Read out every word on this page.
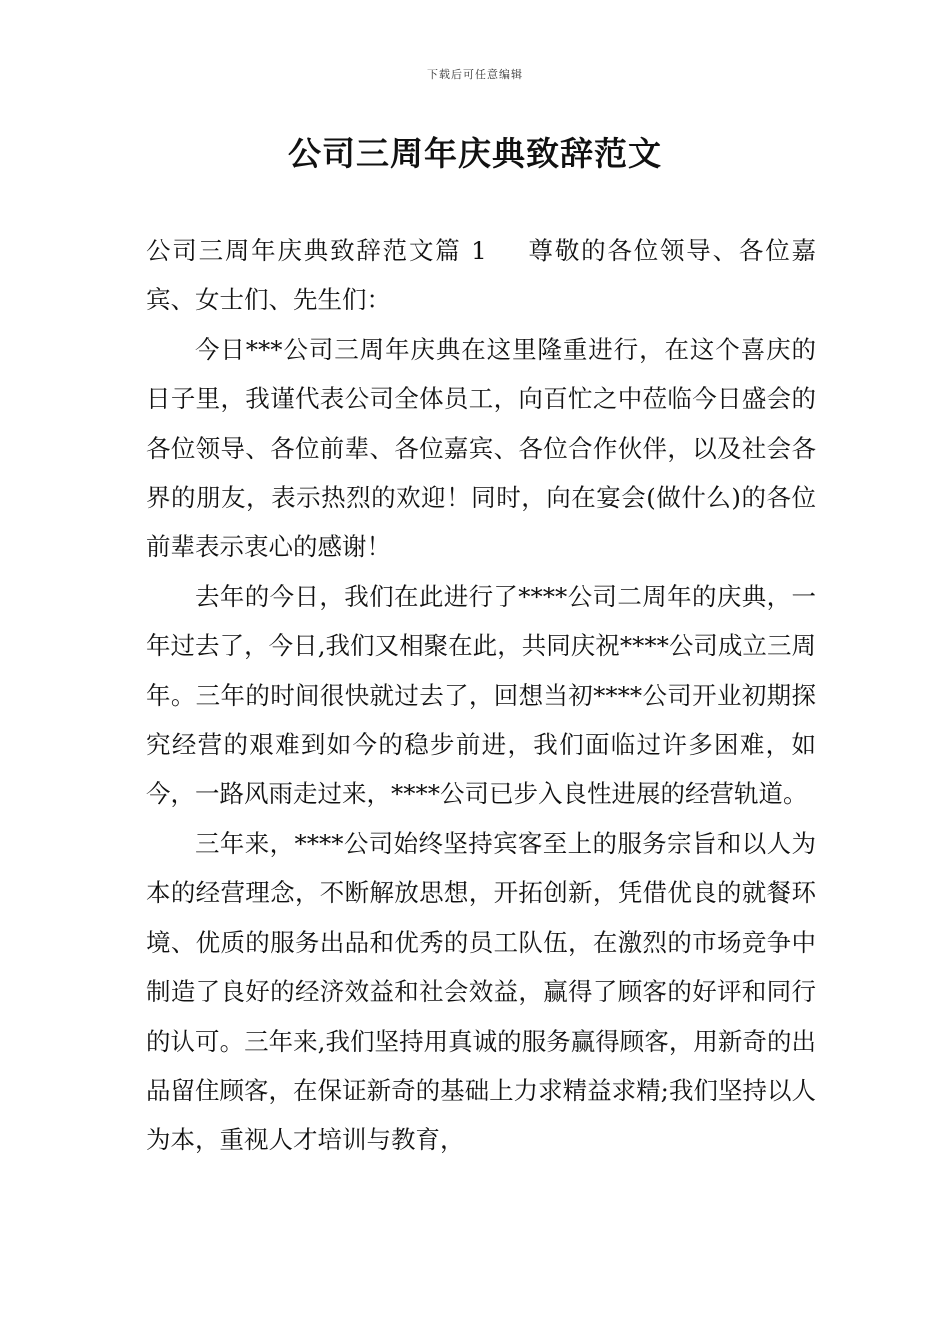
下载后可任意编辑
公司三周年庆典致辞范文

公司三周年庆典致辞范文篇 1 尊敬的各位领导、各位嘉宾、女士们、先生们：

今日***公司三周年庆典在这里隆重进行，在这个喜庆的日子里，我谨代表公司全体员工，向百忙之中莅临今日盛会的各位领导、各位前辈、各位嘉宾、各位合作伙伴，以及社会各界的朋友，表示热烈的欢迎！同时，向在宴会(做什么)的各位前辈表示衷心的感谢！

去年的今日，我们在此进行了****公司二周年的庆典，一年过去了，今日,我们又相聚在此，共同庆祝****公司成立三周年。三年的时间很快就过去了，回想当初****公司开业初期探究经营的艰难到如今的稳步前进，我们面临过许多困难，如今，一路风雨走过来，****公司已步入良性进展的经营轨道。

三年来，****公司始终坚持宾客至上的服务宗旨和以人为本的经营理念，不断解放思想，开拓创新，凭借优良的就餐环境、优质的服务出品和优秀的员工队伍，在激烈的市场竞争中制造了良好的经济效益和社会效益，赢得了顾客的好评和同行的认可。三年来,我们坚持用真诚的服务赢得顾客，用新奇的出品留住顾客，在保证新奇的基础上力求精益求精;我们坚持以人为本，重视人才培训与教育，
